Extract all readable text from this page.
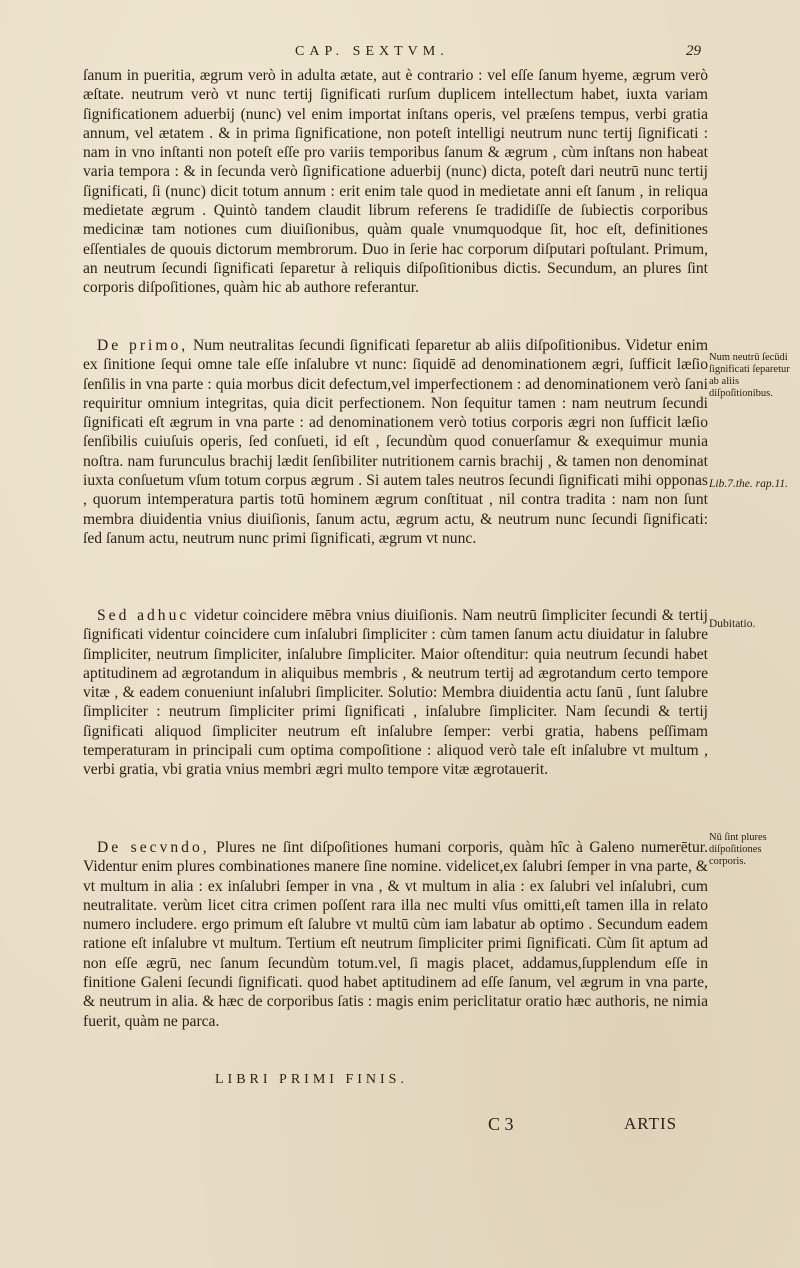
CAP. SEXTVM.	29

ſanum in pueritia, ægrum verò in adulta ætate, aut è contrario : vel eſſe ſanum hyeme, ægrum verò æſtate. neutrum verò vt nunc tertij ſignificati rurſum duplicem intellectum habet, iuxta variam ſignificationem aduerbij (nunc) vel enim importat inſtans operis, vel præſens tempus, verbi gratia annum, vel ætatem . & in prima ſignificatione, non poteſt intelligi neutrum nunc tertij ſignificati : nam in vno inſtanti non poteſt eſſe pro variis temporibus ſanum & ægrum , cùm inſtans non habeat varia tempora : & in ſecunda verò ſignificatione aduerbij (nunc) dicta, poteſt dari neutrū nunc tertij ſignificati, ſi (nunc) dicit totum annum : erit enim tale quod in medietate anni eſt ſanum , in reliqua medietate ægrum . Quintò tandem claudit librum referens ſe tradidiſſe de ſubiectis corporibus medicinæ tam notiones cum diuiſionibus, quàm quale vnumquodque ſit, hoc eſt, definitiones eſſentiales de quouis dictorum membrorum. Duo in ſerie hac corporum diſputari poſtulant. Primum, an neutrum ſecundi ſignificati ſeparetur à reliquis diſpoſitionibus dictis. Secundum, an plures ſint corporis diſpoſitiones, quàm hic ab authore referantur.

De primo, Num neutralitas ſecundi ſignificati ſeparetur ab aliis diſpoſitionibus. Videtur enim ex ſinitione ſequi omne tale eſſe inſalubre vt nunc: ſiquidē ad denominationem ægri, ſufficit læſio ſenſilis in vna parte : quia morbus dicit defectum,vel imperfectionem : ad denominationem verò ſani requiritur omnium integritas, quia dicit perfectionem. Non ſequitur tamen : nam neutrum ſecundi ſignificati eſt ægrum in vna parte : ad denominationem verò totius corporis ægri non ſufficit læſio ſenſibilis cuiuſuis operis, ſed conſueti, id eſt , ſecundùm quod conuerſamur & exequimur munia noſtra. nam furunculus brachij lædit ſenſibiliter nutritionem carnis brachij , & tamen non denominat iuxta conſuetum vſum totum corpus ægrum . Si autem tales neutros ſecundi ſignificati mihi opponas , quorum intemperatura partis totū hominem ægrum conſtituat , nil contra tradita : nam non ſunt membra diuidentia vnius diuiſionis, ſanum actu, ægrum actu, & neutrum nunc ſecundi ſignificati: ſed ſanum actu, neutrum nunc primi ſignificati, ægrum vt nunc.

Sed adhuc videtur coincidere mēbra vnius diuiſionis. Nam neutrū ſimpliciter ſecundi & tertij ſignificati videntur coincidere cum inſalubri ſimpliciter : cùm tamen ſanum actu diuidatur in ſalubre ſimpliciter, neutrum ſimpliciter, inſalubre ſimpliciter. Maior oſtenditur: quia neutrum ſecundi habet aptitudinem ad ægrotandum in aliquibus membris , & neutrum tertij ad ægrotandum certo tempore vitæ , & eadem conueniunt inſalubri ſimpliciter. Solutio: Membra diuidentia actu ſanū , ſunt ſalubre ſimpliciter : neutrum ſimpliciter primi ſignificati , inſalubre ſimpliciter. Nam ſecundi & tertij ſignificati aliquod ſimpliciter neutrum eſt inſalubre ſemper: verbi gratia, habens peſſimam temperaturam in principali cum optima compoſitione : aliquod verò tale eſt inſalubre vt multum , verbi gratia, vbi gratia vnius membri ægri multo tempore vitæ ægrotauerit.

De secvndo, Plures ne ſint diſpoſitiones humani corporis, quàm hîc à Galeno numerētur. Videntur enim plures combinationes manere ſine nomine. videlicet,ex ſalubri ſemper in vna parte, & vt multum in alia : ex inſalubri ſemper in vna , & vt multum in alia : ex ſalubri vel inſalubri, cum neutralitate. verùm licet citra crimen poſſent rara illa nec multi vſus omitti,eſt tamen illa in relato numero includere. ergo primum eſt ſalubre vt multū cùm iam labatur ab optimo . Secundum eadem ratione eſt inſalubre vt multum. Tertium eſt neutrum ſimpliciter primi ſignificati. Cùm ſit aptum ad non eſſe ægrū, nec ſanum ſecundùm totum.vel, ſi magis placet, addamus,ſupplendum eſſe in finitione Galeni ſecundi ſignificati. quod habet aptitudinem ad eſſe ſanum, vel ægrum in vna parte, & neutrum in alia. & hæc de corporibus ſatis : magis enim periclitatur oratio hæc authoris, ne nimia fuerit, quàm ne parca.

Num neutrū ſecūdi ſignificati ſeparetur ab aliis diſpoſitionibus.
Lib.7.the. rap.11.
Dubitatio.
Nū ſint plures diſpoſitiones corporis.
LIBRI PRIMI FINIS.
C 3	ARTIS
